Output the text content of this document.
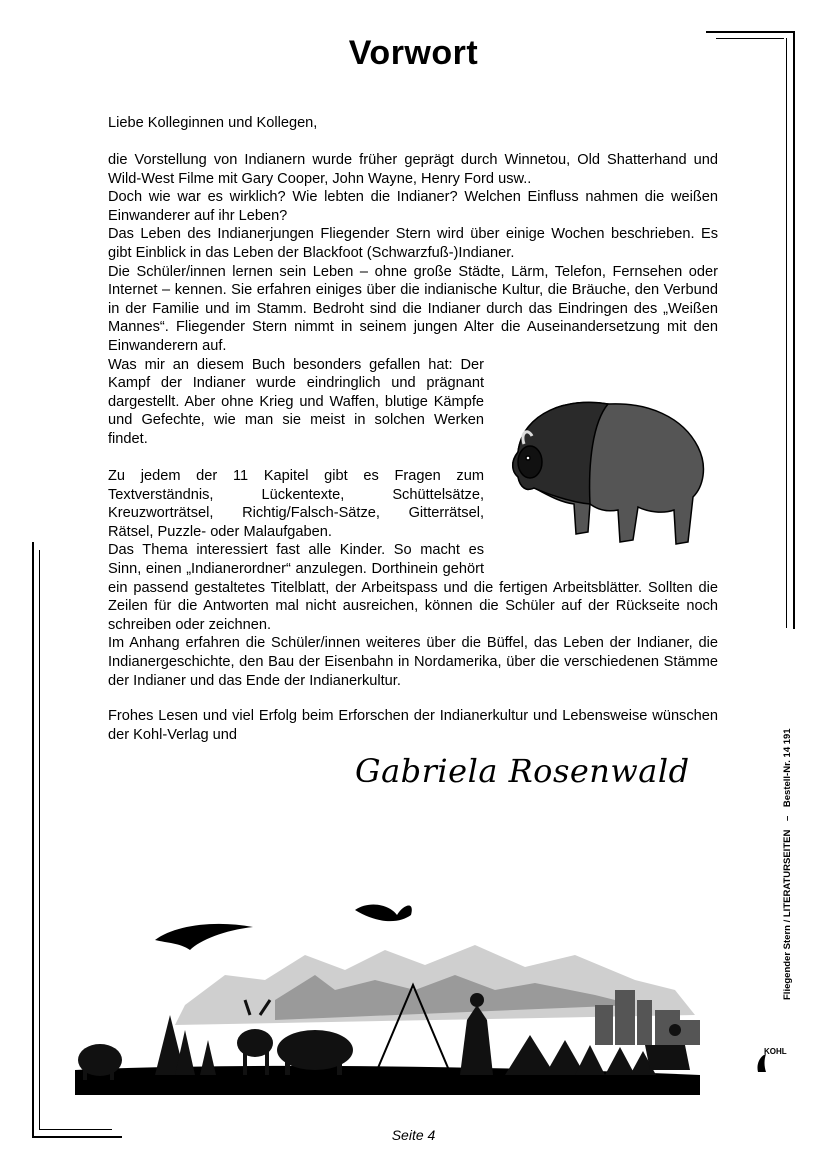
Vorwort

Liebe Kolleginnen und Kollegen,

die Vorstellung von Indianern wurde früher geprägt durch Winnetou, Old Shatterhand und Wild-West Filme mit Gary Cooper, John Wayne, Henry Ford usw..

Doch wie war es wirklich? Wie lebten die Indianer? Welchen Einfluss nahmen die weißen Einwanderer auf ihr Leben?

Das Leben des Indianerjungen Fliegender Stern wird über einige Wochen beschrieben. Es gibt Einblick in das Leben der Blackfoot (Schwarzfuß-)Indianer.

Die Schüler/innen lernen sein Leben – ohne große Städte, Lärm, Telefon, Fernsehen oder Internet – kennen. Sie erfahren einiges über die indianische Kultur, die Bräuche, den Verbund in der Familie und im Stamm. Bedroht sind die Indianer durch das Eindringen des „Weißen Mannes“. Fliegender Stern nimmt in seinem jungen Alter die Auseinandersetzung mit den Einwanderern auf.

Was mir an diesem Buch besonders gefallen hat: Der Kampf der Indianer wurde eindringlich und prägnant dargestellt. Aber ohne Krieg und Waffen, blutige Kämpfe und Gefechte, wie man sie meist in solchen Werken findet.

Zu jedem der 11 Kapitel gibt es Fragen zum Textverständnis, Lückentexte, Schüttelsätze, Kreuzworträtsel, Richtig/Falsch-Sätze, Gitterrätsel, Rätsel, Puzzle- oder Malaufgaben.

Das Thema interessiert fast alle Kinder. So macht es Sinn, einen „Indianerordner“ anzulegen. Dorthinein gehört ein passend gestaltetes Titelblatt, der Arbeitspass und die fertigen Arbeitsblätter. Sollten die Zeilen für die Antworten mal nicht ausreichen, können die Schüler auf der Rückseite noch schreiben oder zeichnen.

Im Anhang erfahren die Schüler/innen weiteres über die Büffel, das Leben der Indianer, die Indianergeschichte, den Bau der Eisenbahn in Nordamerika, über die verschiedenen Stämme der Indianer und das Ende der Indianerkultur.

Frohes Lesen und viel Erfolg beim Erforschen der Indianerkultur und Lebensweise wünschen der Kohl-Verlag und

Gabriela Rosenwald
Seite 4
Fliegender Stern / LITERATURSEITEN – Bestell-Nr. 14 191
KOHL
